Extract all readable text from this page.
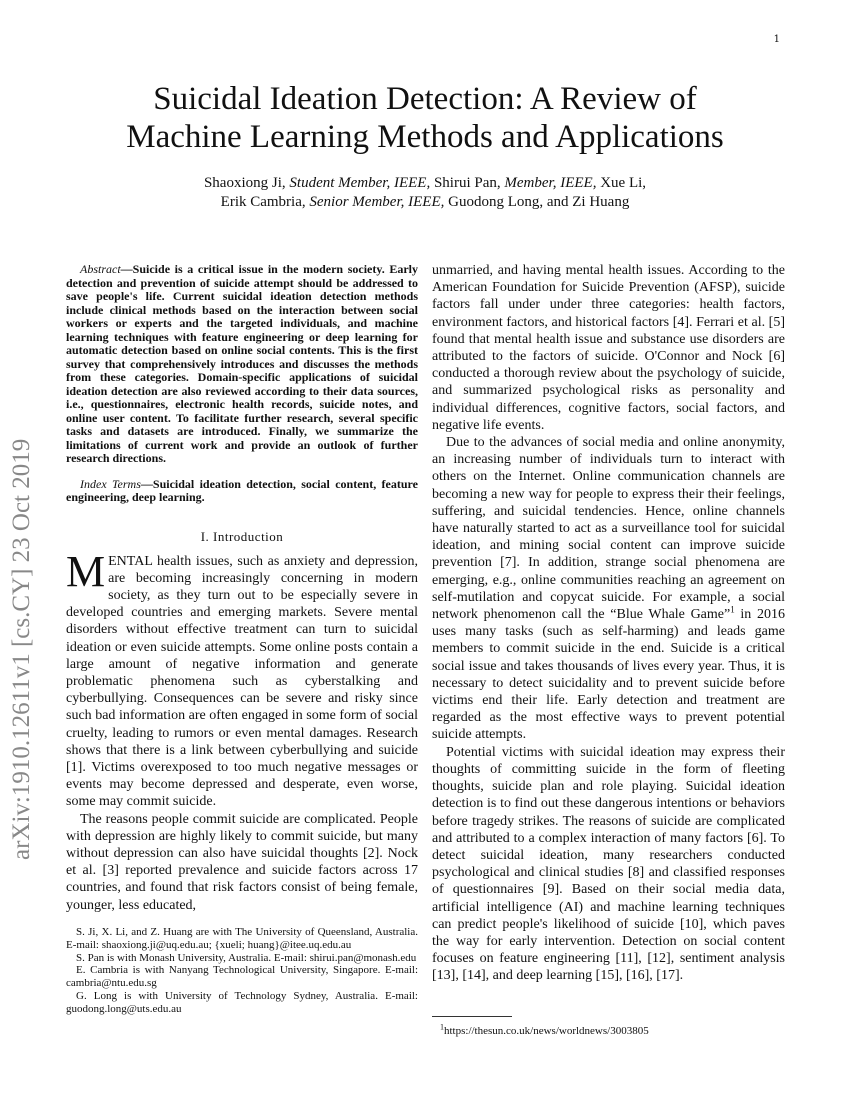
1
Suicidal Ideation Detection: A Review of
Machine Learning Methods and Applications
Shaoxiong Ji, Student Member, IEEE, Shirui Pan, Member, IEEE, Xue Li,
Erik Cambria, Senior Member, IEEE, Guodong Long, and Zi Huang
arXiv:1910.12611v1 [cs.CY] 23 Oct 2019

Abstract—Suicide is a critical issue in the modern society. Early detection and prevention of suicide attempt should be addressed to save people's life. Current suicidal ideation detection methods include clinical methods based on the interaction between social workers or experts and the targeted individuals, and machine learning techniques with feature engineering or deep learning for automatic detection based on online social contents. This is the first survey that comprehensively introduces and discusses the methods from these categories. Domain-specific applications of suicidal ideation detection are also reviewed according to their data sources, i.e., questionnaires, electronic health records, suicide notes, and online user content. To facilitate further research, several specific tasks and datasets are introduced. Finally, we summarize the limitations of current work and provide an outlook of further research directions.

Index Terms—Suicidal ideation detection, social content, feature engineering, deep learning.

I. Introduction

MENTAL health issues, such as anxiety and depression, are becoming increasingly concerning in modern society, as they turn out to be especially severe in developed countries and emerging markets. Severe mental disorders without effective treatment can turn to suicidal ideation or even suicide attempts. Some online posts contain a large amount of negative information and generate problematic phenomena such as cyberstalking and cyberbullying. Consequences can be severe and risky since such bad information are often engaged in some form of social cruelty, leading to rumors or even mental damages. Research shows that there is a link between cyberbullying and suicide [1]. Victims overexposed to too much negative messages or events may become depressed and desperate, even worse, some may commit suicide.

The reasons people commit suicide are complicated. People with depression are highly likely to commit suicide, but many without depression can also have suicidal thoughts [2]. Nock et al. [3] reported prevalence and suicide factors across 17 countries, and found that risk factors consist of being female, younger, less educated,

S. Ji, X. Li, and Z. Huang are with The University of Queensland, Australia. E-mail: shaoxiong.ji@uq.edu.au; {xueli; huang}@itee.uq.edu.au

S. Pan is with Monash University, Australia. E-mail: shirui.pan@monash.edu

E. Cambria is with Nanyang Technological University, Singapore. E-mail: cambria@ntu.edu.sg

G. Long is with University of Technology Sydney, Australia. E-mail: guodong.long@uts.edu.au

unmarried, and having mental health issues. According to the American Foundation for Suicide Prevention (AFSP), suicide factors fall under under three categories: health factors, environment factors, and historical factors [4]. Ferrari et al. [5] found that mental health issue and substance use disorders are attributed to the factors of suicide. O'Connor and Nock [6] conducted a thorough review about the psychology of suicide, and summarized psychological risks as personality and individual differences, cognitive factors, social factors, and negative life events.

Due to the advances of social media and online anonymity, an increasing number of individuals turn to interact with others on the Internet. Online communication channels are becoming a new way for people to express their their feelings, suffering, and suicidal tendencies. Hence, online channels have naturally started to act as a surveillance tool for suicidal ideation, and mining social content can improve suicide prevention [7]. In addition, strange social phenomena are emerging, e.g., online communities reaching an agreement on self-mutilation and copycat suicide. For example, a social network phenomenon call the “Blue Whale Game”$^1$ in 2016 uses many tasks (such as self-harming) and leads game members to commit suicide in the end. Suicide is a critical social issue and takes thousands of lives every year. Thus, it is necessary to detect suicidality and to prevent suicide before victims end their life. Early detection and treatment are regarded as the most effective ways to prevent potential suicide attempts.

Potential victims with suicidal ideation may express their thoughts of committing suicide in the form of fleeting thoughts, suicide plan and role playing. Suicidal ideation detection is to find out these dangerous intentions or behaviors before tragedy strikes. The reasons of suicide are complicated and attributed to a complex interaction of many factors [6]. To detect suicidal ideation, many researchers conducted psychological and clinical studies [8] and classified responses of questionnaires [9]. Based on their social media data, artificial intelligence (AI) and machine learning techniques can predict people's likelihood of suicide [10], which paves the way for early intervention. Detection on social content focuses on feature engineering [11], [12], sentiment analysis [13], [14], and deep learning [15], [16], [17].

$^1$https://thesun.co.uk/news/worldnews/3003805
